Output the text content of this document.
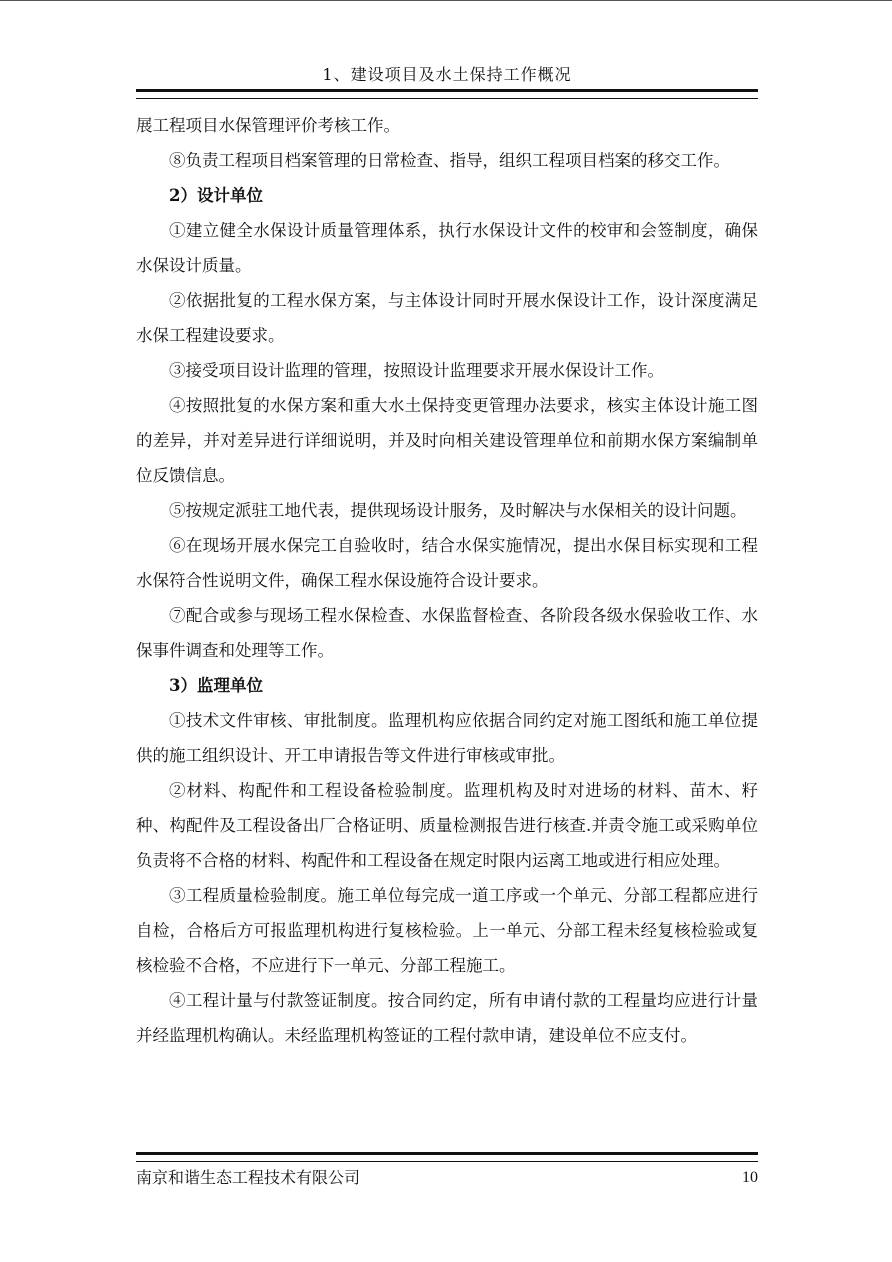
1、建设项目及水土保持工作概况

展工程项目水保管理评价考核工作。

⑧负责工程项目档案管理的日常检查、指导，组织工程项目档案的移交工作。

2）设计单位

①建立健全水保设计质量管理体系，执行水保设计文件的校审和会签制度，确保水保设计质量。

②依据批复的工程水保方案，与主体设计同时开展水保设计工作，设计深度满足水保工程建设要求。

③接受项目设计监理的管理，按照设计监理要求开展水保设计工作。

④按照批复的水保方案和重大水土保持变更管理办法要求，核实主体设计施工图的差异，并对差异进行详细说明，并及时向相关建设管理单位和前期水保方案编制单位反馈信息。

⑤按规定派驻工地代表，提供现场设计服务，及时解决与水保相关的设计问题。

⑥在现场开展水保完工自验收时，结合水保实施情况，提出水保目标实现和工程水保符合性说明文件，确保工程水保设施符合设计要求。

⑦配合或参与现场工程水保检查、水保监督检查、各阶段各级水保验收工作、水保事件调查和处理等工作。

3）监理单位

①技术文件审核、审批制度。监理机构应依据合同约定对施工图纸和施工单位提供的施工组织设计、开工申请报告等文件进行审核或审批。

②材料、构配件和工程设备检验制度。监理机构及时对进场的材料、苗木、籽种、构配件及工程设备出厂合格证明、质量检测报告进行核查.并责令施工或采购单位负责将不合格的材料、构配件和工程设备在规定时限内运离工地或进行相应处理。

③工程质量检验制度。施工单位每完成一道工序或一个单元、分部工程都应进行自检，合格后方可报监理机构进行复核检验。上一单元、分部工程未经复核检验或复核检验不合格，不应进行下一单元、分部工程施工。

④工程计量与付款签证制度。按合同约定，所有申请付款的工程量均应进行计量并经监理机构确认。未经监理机构签证的工程付款申请，建设单位不应支付。

南京和谐生态工程技术有限公司	10
